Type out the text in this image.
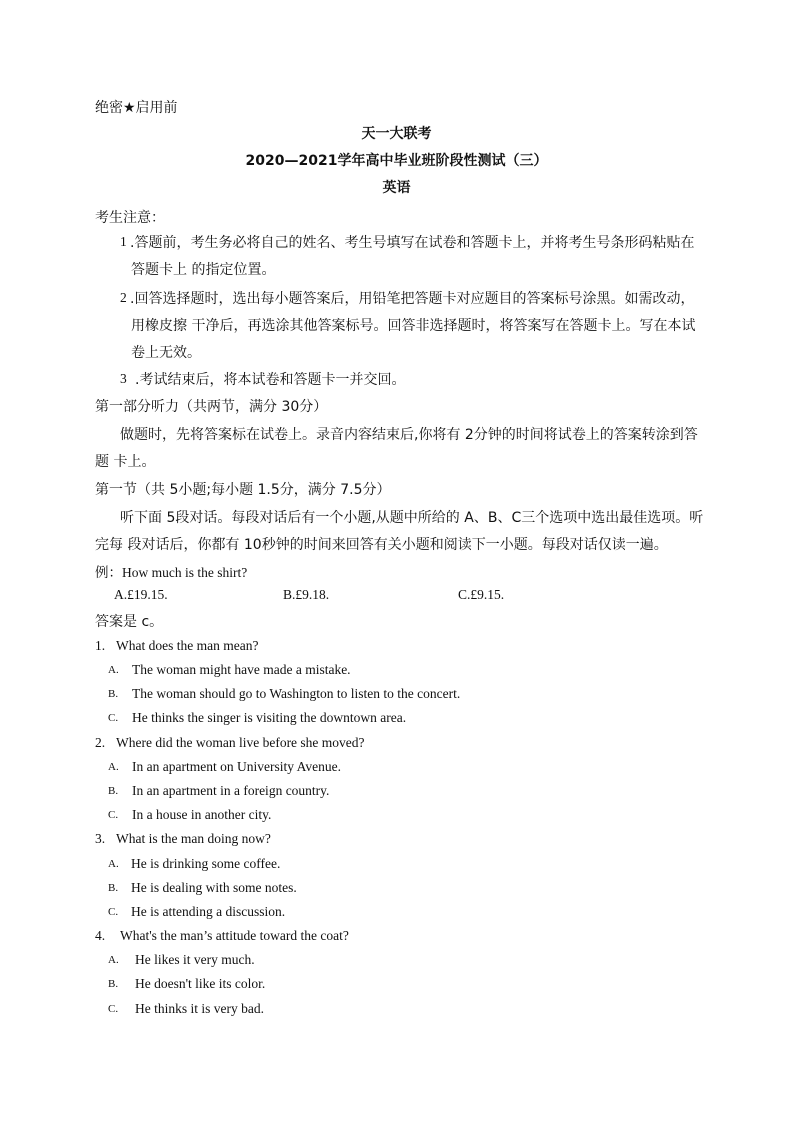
绝密★启用前
天一大联考
2020—2021学年高中毕业班阶段性测试（三）
英语
考生注意：
1 .答题前，考生务必将自己的姓名、考生号填写在试卷和答题卡上，并将考生号条形码粘贴在
答题卡上 的指定位置。
2 .回答选择题时，选出每小题答案后，用铅笔把答题卡对应题目的答案标号涂黑。如需改动，
用橡皮擦 干净后，再选涂其他答案标号。回答非选择题时，将答案写在答题卡上。写在本试
卷上无效。
3 .考试结束后，将本试卷和答题卡一并交回。
第一部分听力（共两节，满分 30分）
做题时，先将答案标在试卷上。录音内容结束后,你将有 2分钟的时间将试卷上的答案转涂到答
题 卡上。
第一节（共 5小题;每小题 1.5分，满分 7.5分）
听下面 5段对话。每段对话后有一个小题,从题中所给的 A、B、C三个选项中选出最佳选项。听
完每 段对话后，你都有 10秒钟的时间来回答有关小题和阅读下一小题。每段对话仅读一遍。
例：How much is the shirt?
A.£19.15.	B.£9.18.	C.£9.15.
答案是 c。
1. What does the man mean?
A. The woman might have made a mistake.
B. The woman should go to Washington to listen to the concert.
C. He thinks the singer is visiting the downtown area.
2. Where did the woman live before she moved?
A. In an apartment on University Avenue.
B. In an apartment in a foreign country.
C. In a house in another city.
3. What is the man doing now?
A. He is drinking some coffee.
B. He is dealing with some notes.
C. He is attending a discussion.
4. What's the man’s attitude toward the coat?
A. He likes it very much.
B. He doesn't like its color.
C. He thinks it is very bad.
